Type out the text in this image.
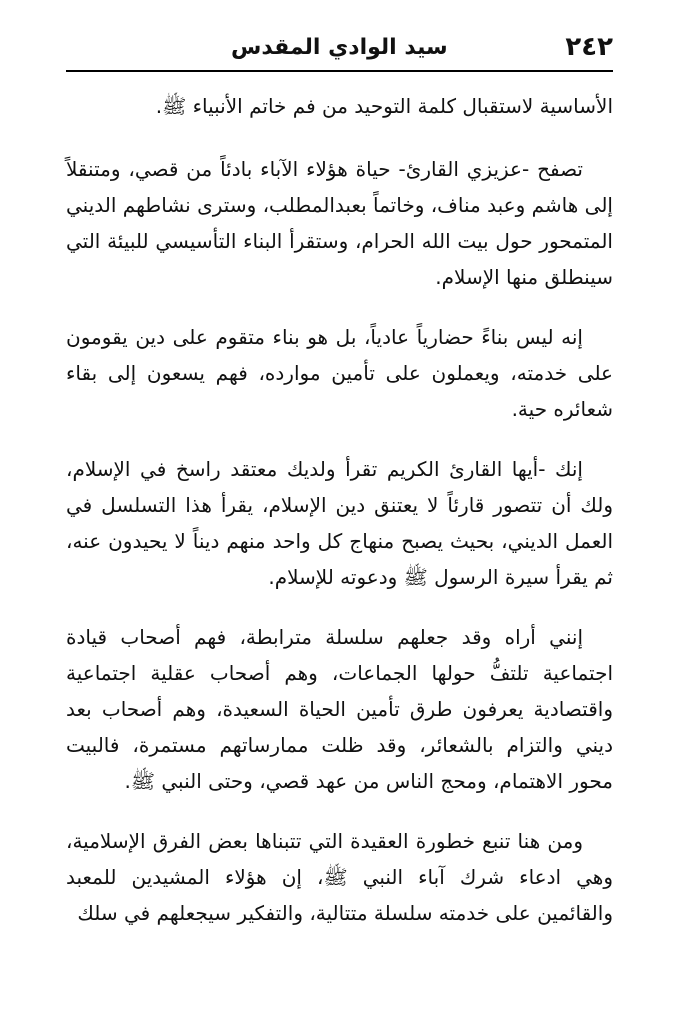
٢٤٢
سيد الوادي المقدس

الأساسية لاستقبال كلمة التوحيد من فم خاتم الأنبياء ﷺ.

تصفح -عزيزي القارئ- حياة هؤلاء الآباء بادئاً من قصي، ومتنقلاً إلى هاشم وعبد مناف، وخاتماً بعبدالمطلب، وسترى نشاطهم الديني المتمحور حول بيت الله الحرام، وستقرأ البناء التأسيسي للبيئة التي سينطلق منها الإسلام.

إنه ليس بناءً حضارياً عادياً، بل هو بناء متقوم على دين يقومون على خدمته، ويعملون على تأمين موارده، فهم يسعون إلى بقاء شعائره حية.

إنك -أيها القارئ الكريم تقرأ ولديك معتقد راسخ في الإسلام، ولك أن تتصور قارئاً لا يعتنق دين الإسلام، يقرأ هذا التسلسل في العمل الديني، بحيث يصبح منهاج كل واحد منهم ديناً لا يحيدون عنه، ثم يقرأ سيرة الرسول ﷺ ودعوته للإسلام.

إنني أراه وقد جعلهم سلسلة مترابطة، فهم أصحاب قيادة اجتماعية تلتفُّ حولها الجماعات، وهم أصحاب عقلية اجتماعية واقتصادية يعرفون طرق تأمين الحياة السعيدة، وهم أصحاب بعد ديني والتزام بالشعائر، وقد ظلت ممارساتهم مستمرة، فالبيت محور الاهتمام، ومحج الناس من عهد قصي، وحتى النبي ﷺ.

ومن هنا تنبع خطورة العقيدة التي تتبناها بعض الفرق الإسلامية، وهي ادعاء شرك آباء النبي ﷺ، إن هؤلاء المشيدين للمعبد والقائمين على خدمته سلسلة متتالية، والتفكير سيجعلهم في سلك
